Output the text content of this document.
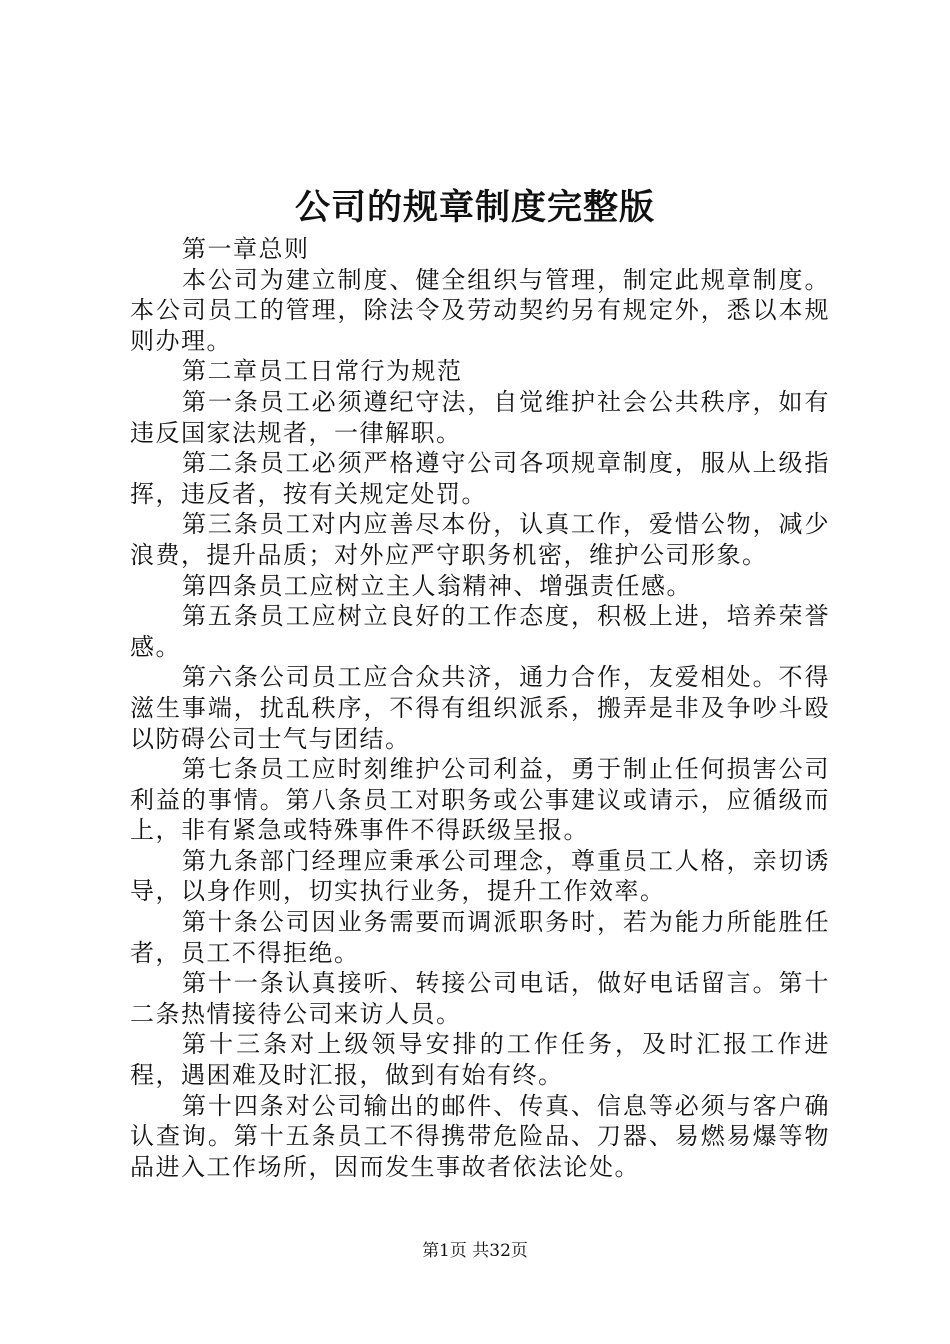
公司的规章制度完整版

第一章总则

本公司为建立制度、健全组织与管理，制定此规章制度。本公司员工的管理，除法令及劳动契约另有规定外，悉以本规则办理。

第二章员工日常行为规范

第一条员工必须遵纪守法，自觉维护社会公共秩序，如有违反国家法规者，一律解职。

第二条员工必须严格遵守公司各项规章制度，服从上级指挥，违反者，按有关规定处罚。

第三条员工对内应善尽本份，认真工作，爱惜公物，减少浪费，提升品质；对外应严守职务机密，维护公司形象。

第四条员工应树立主人翁精神、增强责任感。

第五条员工应树立良好的工作态度，积极上进，培养荣誉感。

第六条公司员工应合众共济，通力合作，友爱相处。不得滋生事端，扰乱秩序，不得有组织派系，搬弄是非及争吵斗殴以防碍公司士气与团结。

第七条员工应时刻维护公司利益，勇于制止任何损害公司利益的事情。第八条员工对职务或公事建议或请示，应循级而上，非有紧急或特殊事件不得跃级呈报。

第九条部门经理应秉承公司理念，尊重员工人格，亲切诱导，以身作则，切实执行业务，提升工作效率。

第十条公司因业务需要而调派职务时，若为能力所能胜任者，员工不得拒绝。

第十一条认真接听、转接公司电话，做好电话留言。第十二条热情接待公司来访人员。

第十三条对上级领导安排的工作任务，及时汇报工作进程，遇困难及时汇报，做到有始有终。

第十四条对公司输出的邮件、传真、信息等必须与客户确认查询。第十五条员工不得携带危险品、刀器、易燃易爆等物品进入工作场所，因而发生事故者依法论处。

第1页 共32页
